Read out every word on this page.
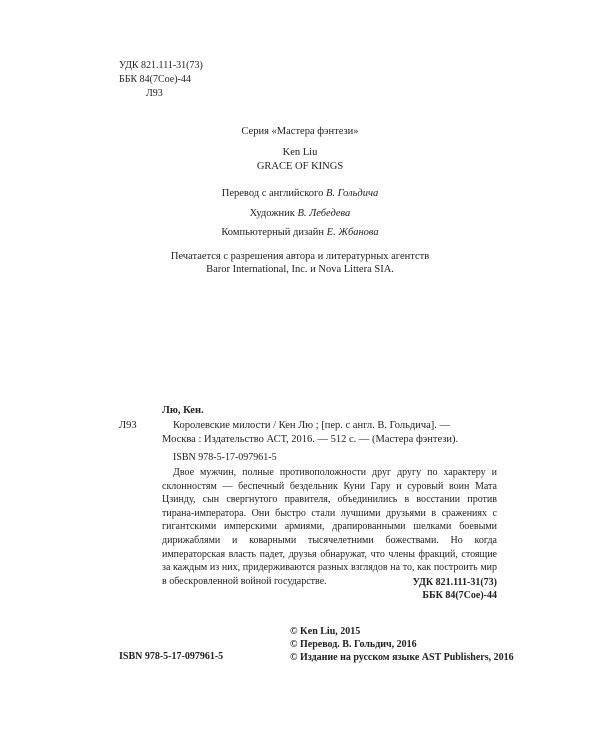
УДК 821.111-31(73)
ББК 84(7Сое)-44
Л93
Серия «Мастера фэнтези»
Ken Liu
GRACE OF KINGS
Перевод с английского В. Гольдича
Художник В. Лебедева
Компьютерный дизайн Е. Жбанова
Печатается с разрешения автора и литературных агентств
Baror International, Inc. и Nova Littera SIA.
Лю, Кен.
Л93	Королевские милости / Кен Лю ; [пер. с англ. В. Гольдича]. —
Москва : Издательство АСТ, 2016. — 512 с. — (Мастера фэнтези).
ISBN 978-5-17-097961-5
Двое мужчин, полные противоположности друг другу по характеру и склонностям — беспечный бездельник Куни Гару и суровый воин Мата Цзинду, сын свергнутого правителя, объединились в восстании против тирана-императора. Они быстро стали лучшими друзьями в сражениях с гигантскими имперскими армиями, драпированными шелками боевыми дирижаблями и коварными тысячелетними божествами. Но когда императорская власть падет, друзья обнаружат, что члены фракций, стоящие за каждым из них, придерживаются разных взглядов на то, как построить мир в обескровленной войной государстве.	УДК 821.111-31(73)
ББК 84(7Сое)-44
ISBN 978-5-17-097961-5
© Ken Liu, 2015
© Перевод. В. Гольдич, 2016
© Издание на русском языке AST Publishers, 2016
